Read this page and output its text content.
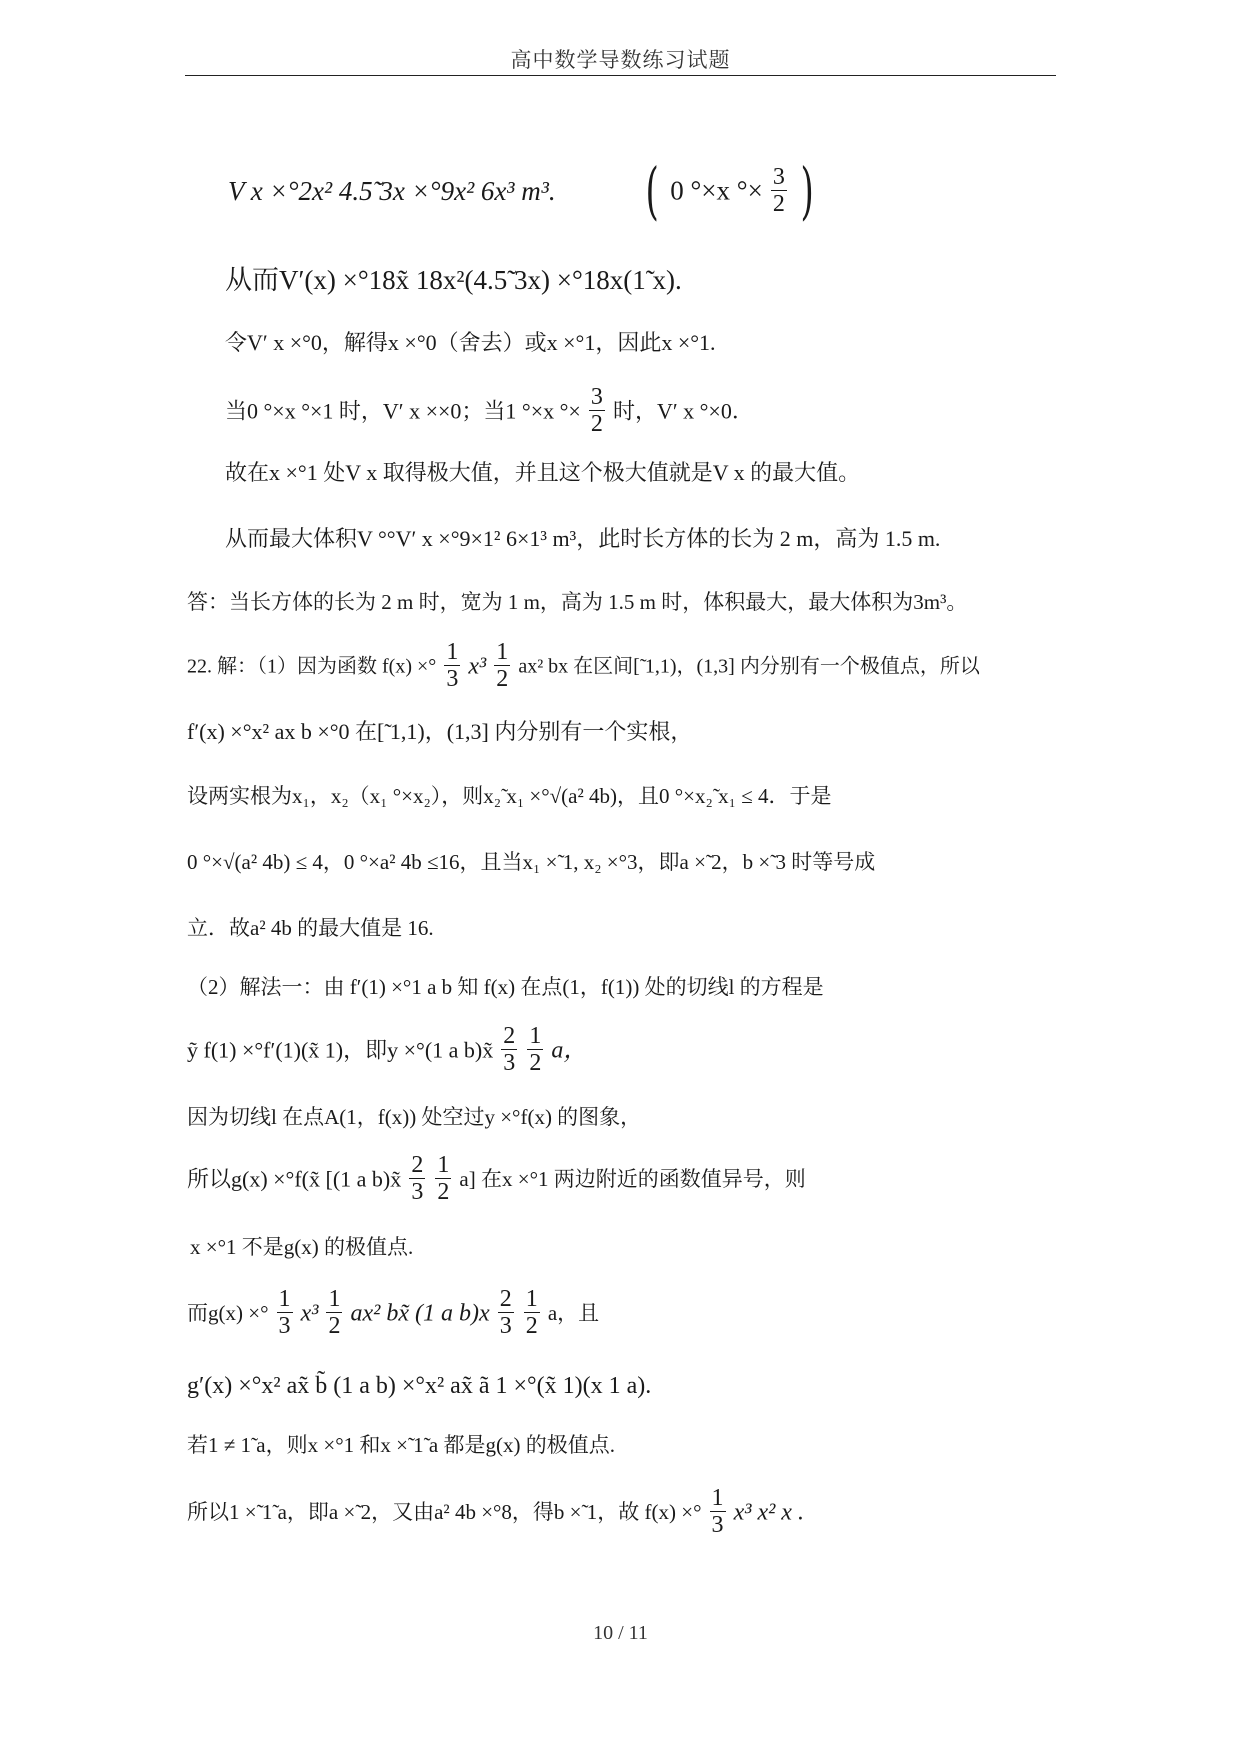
高中数学导数练习试题
V x ×°2x² 4.5̃ 3x ×°9x² 6x³ m³. ( 0 °×x °× $\frac{3}{2}$ )
从而V′(x) ×°18x̃ 18x²(4.5̃ 3x) ×°18x(1̃ x).
令V′ x ×°0，解得x ×°0（舍去）或x ×°1，因此x ×°1.
当0 °×x °×1 时，V′ x ××0；当1 °×x °× $\frac{3}{2}$ 时，V′ x °×0．
故在x ×°1 处V x 取得极大值，并且这个极大值就是V x 的最大值。
从而最大体积V °°V′ x ×°9×1² 6×1³ m³，此时长方体的长为 2 m，高为 1.5 m.
答：当长方体的长为 2 m 时，宽为 1 m，高为 1.5 m 时，体积最大，最大体积为3m³。
22. 解：（1）因为函数 f(x) ×° $\frac{1}{3} x^3 \frac{1}{2} ax^2$ bx 在区间[̃ 1,1)，(1,3] 内分别有一个极值点，所以
f′(x) ×°x² ax b ×°0 在[̃ 1,1)，(1,3] 内分别有一个实根，
设两实根为x₁，x₂（x₁ °×x₂），则x₂̃ x₁ ×°√(a² 4b)，且0 °×x₂̃ x₁ ≤ 4．于是
0 °×√(a² 4b) ≤ 4，0 °×a² 4b ≤16，且当x₁ ×̃ 1, x₂ ×°3，即a ×̃ 2，b ×̃ 3 时等号成
立．故a² 4b 的最大值是 16.
（2）解法一：由 f′(1) ×°1 a b 知 f(x) 在点(1，f(1)) 处的切线l 的方程是
ỹ f(1) ×°f′(1)(x̃ 1)，即y ×°(1 a b)x̃ $\frac{2}{3}$
$\frac{1}{2}$ a，
因为切线l 在点A(1，f(x)) 处空过y ×°f(x) 的图象，
所以g(x) ×°f(x̃ [(1 a b)x̃ $\frac{2}{3}$
$\frac{1}{2} a$] 在x ×°1 两边附近的函数值异号，则
x ×°1 不是g(x) 的极值点.
而g(x) ×° $\frac{1}{3} x^3 \frac{1}{2} ax^2$ bx̃ (1 a $b)x \frac{2}{3}$
$\frac{1}{2}$ a，且
g′(x) ×°x² ax̃ b̃ (1 a b) ×°x² ax̃ ã 1 ×°(x̃ 1)(x 1 a).
若1 ≠ 1̃ a，则x ×°1 和x ×̃ 1̃ a 都是g(x) 的极值点.
所以1 ×̃ 1̃ a，即a ×̃ 2，又由a² 4b ×°8，得b ×̃ 1，故 f(x) ×° $\frac{1}{3} x^3$ x² x .
10 / 11
